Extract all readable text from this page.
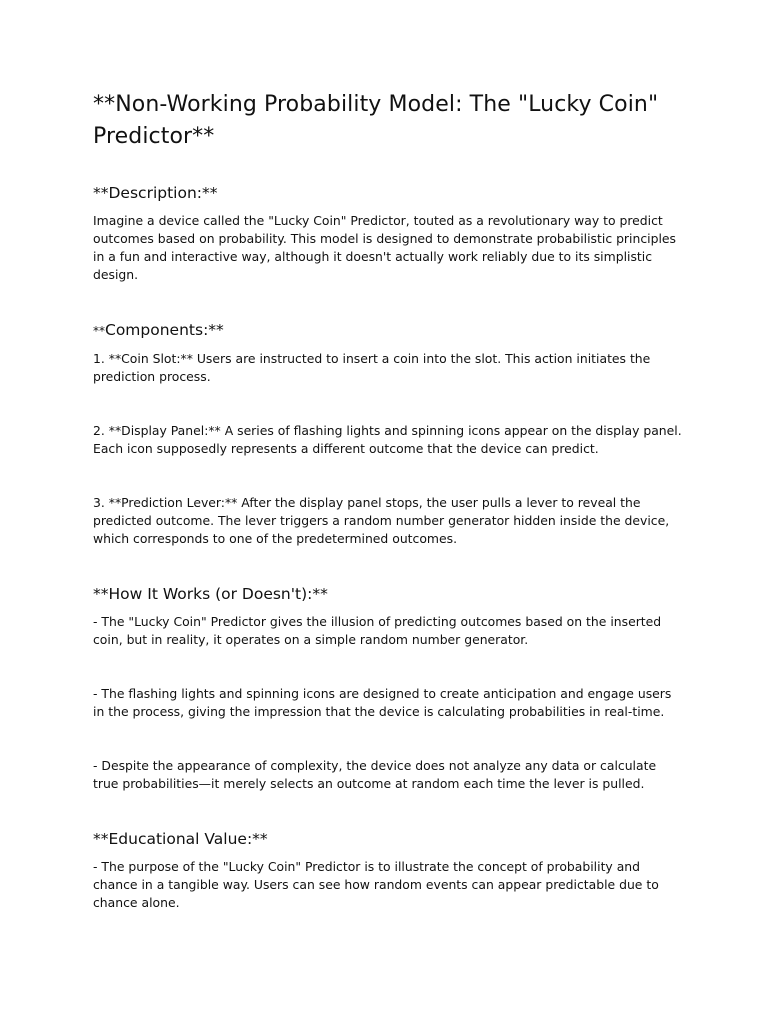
**Non-Working Probability Model: The "Lucky Coin" Predictor**
**Description:**

Imagine a device called the "Lucky Coin" Predictor, touted as a revolutionary way to predict outcomes based on probability. This model is designed to demonstrate probabilistic principles in a fun and interactive way, although it doesn't actually work reliably due to its simplistic design.

**Components:**

1. **Coin Slot:** Users are instructed to insert a coin into the slot. This action initiates the prediction process.

2. **Display Panel:** A series of flashing lights and spinning icons appear on the display panel. Each icon supposedly represents a different outcome that the device can predict.

3. **Prediction Lever:** After the display panel stops, the user pulls a lever to reveal the predicted outcome. The lever triggers a random number generator hidden inside the device, which corresponds to one of the predetermined outcomes.

**How It Works (or Doesn't):**

- The "Lucky Coin" Predictor gives the illusion of predicting outcomes based on the inserted coin, but in reality, it operates on a simple random number generator.

- The flashing lights and spinning icons are designed to create anticipation and engage users in the process, giving the impression that the device is calculating probabilities in real-time.

- Despite the appearance of complexity, the device does not analyze any data or calculate true probabilities—it merely selects an outcome at random each time the lever is pulled.

**Educational Value:**

- The purpose of the "Lucky Coin" Predictor is to illustrate the concept of probability and chance in a tangible way. Users can see how random events can appear predictable due to chance alone.
